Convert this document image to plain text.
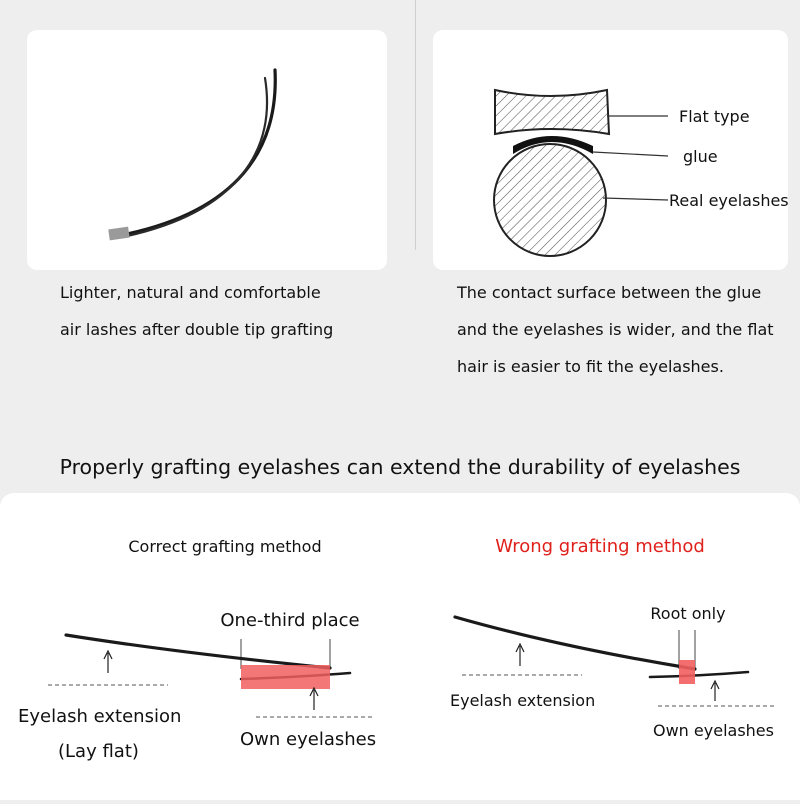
Lighter, natural and comfortable
air lashes after double tip grafting
Flat type
glue
Real eyelashes
The contact surface between the glue
and the eyelashes is wider, and the flat
hair is easier to fit the eyelashes.
Properly grafting eyelashes can extend the durability of eyelashes
Correct grafting method
One-third place
Eyelash extension
(Lay flat)
Own eyelashes
Wrong grafting method
Root only
Eyelash extension
Own eyelashes
